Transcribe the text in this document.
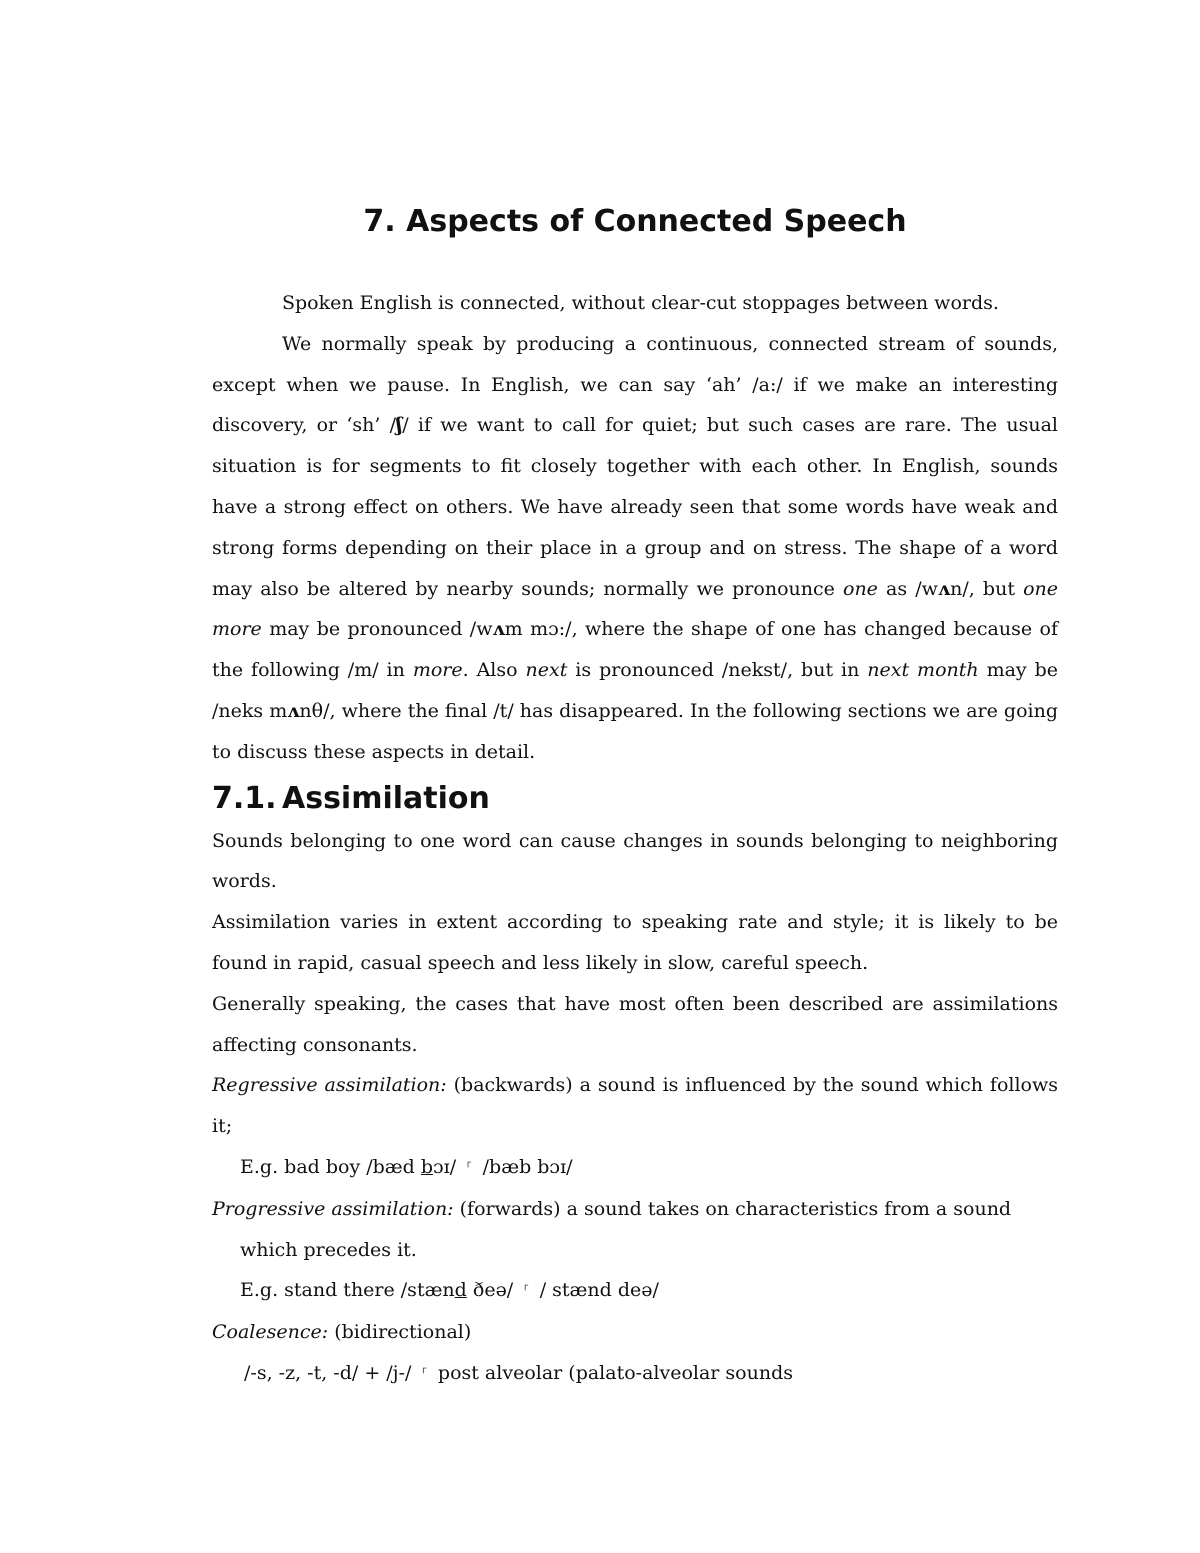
7. Aspects of Connected Speech

Spoken English is connected, without clear-cut stoppages between words.

We normally speak by producing a continuous, connected stream of sounds, except when we pause. In English, we can say ‘ah’ /a:/ if we make an interesting discovery, or ‘sh’ /ʃ/ if we want to call for quiet; but such cases are rare. The usual situation is for segments to fit closely together with each other. In English, sounds have a strong effect on others. We have already seen that some words have weak and strong forms depending on their place in a group and on stress. The shape of a word may also be altered by nearby sounds; normally we pronounce one as /wʌn/, but one more may be pronounced /wʌm mɔ:/, where the shape of one has changed because of the following /m/ in more. Also next is pronounced /nekst/, but in next month may be /neks mʌnθ/, where the final /t/ has disappeared. In the following sections we are going to discuss these aspects in detail.

7.1. Assimilation

Sounds belonging to one word can cause changes in sounds belonging to neighboring words.

Assimilation varies in extent according to speaking rate and style; it is likely to be found in rapid, casual speech and less likely in slow, careful speech.

Generally speaking, the cases that have most often been described are assimilations affecting consonants.

Regressive assimilation: (backwards) a sound is influenced by the sound which follows it;

E.g. bad boy /bæd bɔɪ/ ⸀ /bæb bɔɪ/

Progressive assimilation: (forwards) a sound takes on characteristics from a sound which precedes it.

E.g. stand there /stænd ðeə/ ⸀ / stænd deə/

Coalesence: (bidirectional)

/-s, -z, -t, -d/ + /j-/ ⸀ post alveolar (palato-alveolar sounds
